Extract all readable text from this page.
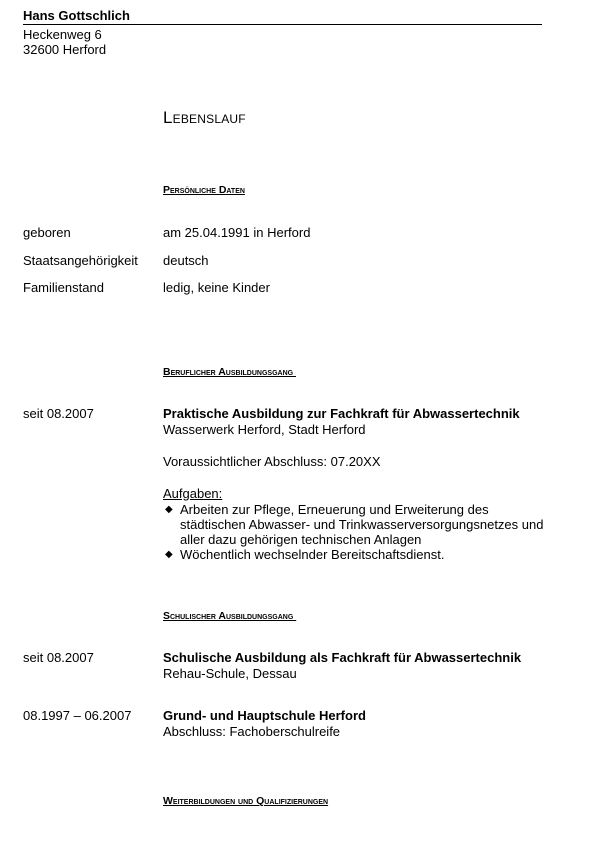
Hans Gottschlich
Heckenweg 6
32600 Herford
Lebenslauf
Persönliche Daten
geboren	am 25.04.1991 in Herford
Staatsangehörigkeit deutsch
Familienstand	ledig, keine Kinder
Beruflicher Ausbildungsgang
seit 08.2007	Praktische Ausbildung zur Fachkraft für Abwassertechnik
Wasserwerk Herford, Stadt Herford
Voraussichtlicher Abschluss: 07.20XX
Aufgaben:
◆ Arbeiten zur Pflege, Erneuerung und Erweiterung des städtischen Abwasser- und Trinkwasserversorgungsnetzes und aller dazu gehörigen technischen Anlagen
◆ Wöchentlich wechselnder Bereitschaftsdienst.
Schulischer Ausbildungsgang
seit 08.2007	Schulische Ausbildung als Fachkraft für Abwassertechnik
Rehau-Schule, Dessau
08.1997 – 06.2007 Grund- und Hauptschule Herford
Abschluss: Fachoberschulreife
Weiterbildungen und Qualifizierungen
